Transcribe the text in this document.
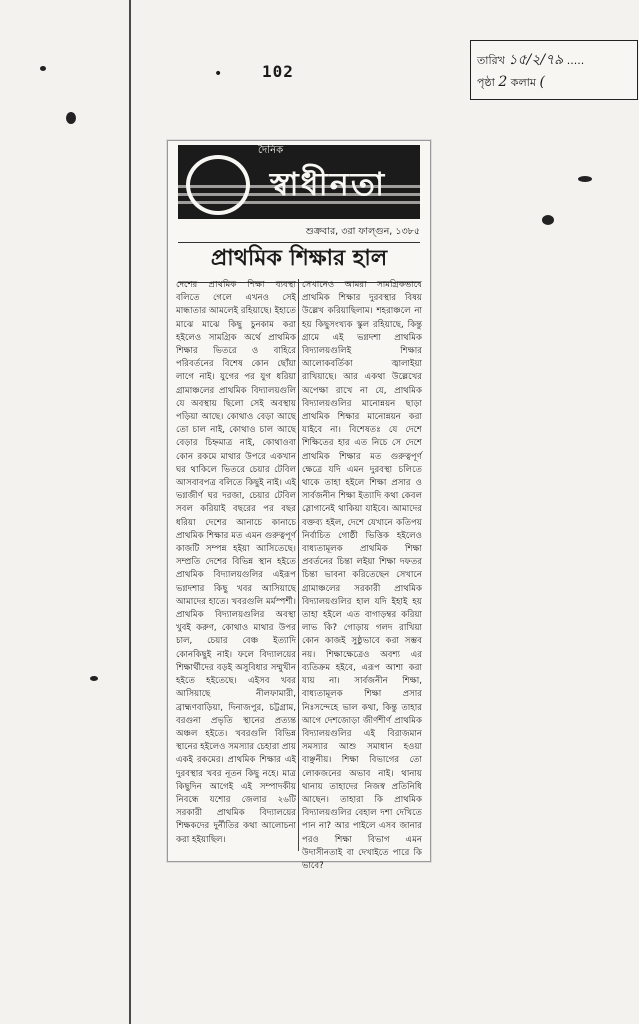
• 102
তারিখ ১৫/২/৭৯ .....
পৃষ্ঠা 2 কলাম (
দৈনিক
স্বাধীনতা
শুক্রবার, ৩রা ফাল্গুন, ১৩৮৫
প্রাথমিক শিক্ষার হাল
দেশের প্রাথমিক শিক্ষা ব্যবস্থা বলিতে গেলে এখনও সেই মান্ধাতার আমলেই রহিয়াছে। ইহাতে মাঝে মাঝে কিছু চুনকাম করা হইলেও সামগ্রিক অর্থে প্রাথমিক শিক্ষার ভিতরে ও বাহিরে পরিবর্তনের বিশেষ কোন ছোঁয়া লাগে নাই। যুগের পর যুগ ধরিয়া গ্রামাঞ্চলের প্রাথমিক বিদ্যালয়গুলি যে অবস্থায় ছিলো সেই অবস্থায় পড়িয়া আছে। কোথাও বেড়া আছে তো চাল নাই, কোথাও চাল আছে বেড়ার চিহ্নমাত্র নাই, কোথাওবা কোন রকমে মাথার উপরে একখান ঘর থাকিলে ভিতরে চেয়ার টেবিল আসবাবপত্র বলিতে কিছুই নাই। এই ভগ্নজীর্ণ ঘর দরজা, চেয়ার টেবিল সবল করিয়াই বছরের পর বছর ধরিয়া দেশের আনাচে কানাচে প্রাথমিক শিক্ষার মত এমন গুরুত্বপূর্ণ কাজটি সম্পন্ন হইয়া আসিতেছে। সম্প্রতি দেশের বিভিন্ন স্থান হইতে প্রাথমিক বিদ্যালয়গুলির এইরূপ ভগ্নদশার কিছু খবর আসিয়াছে আমাদের হাতে। খবরগুলি মর্মস্পর্শী। প্রাথমিক বিদ্যালয়গুলির অবস্থা খুবই করুণ, কোথাও মাথার উপর চাল, চেয়ার বেঞ্চ ইত্যাদি কোনকিছুই নাই। ফলে বিদ্যালয়ের শিক্ষার্থীদের বড়ই অসুবিধার সম্মুখীন হইতে হইতেছে। এইসব খবর আসিয়াছে নীলফামারী, ব্রাহ্মণবাড়িয়া, দিনাজপুর, চট্টগ্রাম, বরগুনা প্রভৃতি স্থানের প্রত্যন্ত অঞ্চল হইতে। খবরগুলি বিভিন্ন স্থানের হইলেও সমস্যার চেহারা প্রায় একই রকমের। প্রাথমিক শিক্ষার এই দুরবস্থার খবর নূতন কিছু নহে। মাত্র কিছুদিন আগেই এই সম্পাদকীয় নিবন্ধে যশোর জেলার ২৬টি সরকারী প্রাথমিক বিদ্যালয়ের শিক্ষকদের দুর্নীতির কথা আলোচনা করা হইয়াছিল।
সেখানেও আমরা সামগ্রিকভাবে প্রাথমিক শিক্ষার দুরবস্থার বিষয় উল্লেখ করিয়াছিলাম। শহরাঞ্চলে না হয় কিছুসংখ্যক স্কুল রহিয়াছে, কিন্তু গ্রামে এই ভগ্নদশা প্রাথমিক বিদ্যালয়গুলিই শিক্ষার আলোকবর্তিকা জ্বালাইয়া রাখিয়াছে। আর একথা উল্লেখের অপেক্ষা রাখে না যে, প্রাথমিক বিদ্যালয়গুলির মানোন্নয়ন ছাড়া প্রাথমিক শিক্ষার মানোন্নয়ন করা যাইবে না। বিশেষতঃ যে দেশে শিক্ষিতের হার এত নিচে সে দেশে প্রাথমিক শিক্ষার মত গুরুত্বপূর্ণ ক্ষেত্রে যদি এমন দুরবস্থা চলিতে থাকে তাহা হইলে শিক্ষা প্রসার ও সার্বজনীন শিক্ষা ইত্যাদি কথা কেবল স্লোগানেই থাকিয়া যাইবে। আমাদের বক্তব্য হইল, দেশে যেখানে কতিপয় নির্বাচিত গোষ্ঠী ভিত্তিক হইলেও বাধ্যতামূলক প্রাথমিক শিক্ষা প্রবর্তনের চিন্তা লইয়া শিক্ষা দফতর চিন্তা ভাবনা করিতেছেন সেখানে গ্রামাঞ্চলের সরকারী প্রাথমিক বিদ্যালয়গুলির হাল যদি ইহাই হয় তাহা হইলে এত বাগাড়ম্বর করিয়া লাভ কি? গোড়ায় গলদ রাখিয়া কোন কাজই সুষ্ঠুভাবে করা সম্ভব নয়। শিক্ষাক্ষেত্রেও অবশ্য এর ব্যতিক্রম হইবে, এরূপ আশা করা যায় না। সার্বজনীন শিক্ষা, বাধ্যতামূলক শিক্ষা প্রসার নিঃসন্দেহে ভাল কথা, কিন্তু তাহার আগে দেশজোড়া জীর্ণশীর্ণ প্রাথমিক বিদ্যালয়গুলির এই বিরাজমান সমস্যার আশু সমাধান হওয়া বাঞ্ছনীয়। শিক্ষা বিভাগের তো লোকজনের অভাব নাই। থানায় থানায় তাহাদের নিজস্ব প্রতিনিধি আছেন। তাহারা কি প্রাথমিক বিদ্যালয়গুলির বেহাল দশা দেখিতে পান না? আর পাইলে এসব জানার পরও শিক্ষা বিভাগ এমন উদাসীনতাই বা দেখাইতে পারে কি ভাবে?
